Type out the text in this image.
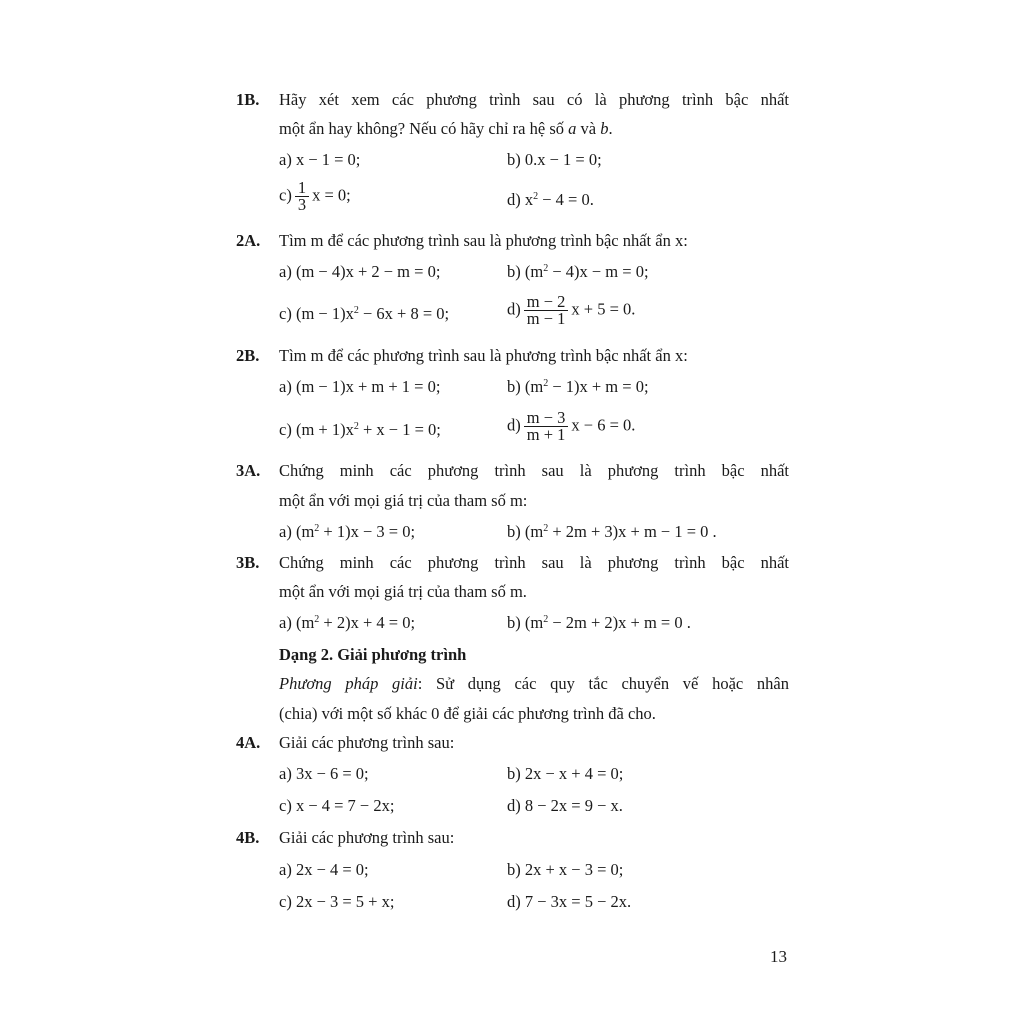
1B.	Hãy xét xem các phương trình sau có là phương trình bậc nhất
một ẩn hay không? Nếu có hãy chỉ ra hệ số a và b.
a) x − 1 = 0;	b) 0.x − 1 = 0;
$c) \frac{1}{3}$ x = 0;	d) $x^2 - 4 = 0$.
2A.	Tìm m để các phương trình sau là phương trình bậc nhất ẩn x:
a) (m − 4)x + 2 − m = 0;	b) $(m^2 - 4)x - m = 0$;
c) $(m - 1)x^2 - 6x + 8 = 0$;	$d) \frac{m - 2}{m - 1}$ x + 5 = 0.
2B.	Tìm m để các phương trình sau là phương trình bậc nhất ẩn x:
a) (m − 1)x + m + 1 = 0;	b) $(m^2 - 1)x + m = 0$;
c) $(m + 1)x^2 + x - 1 = 0$;	$d) \frac{m - 3}{m + 1}$ x − 6 = 0.
3A.	Chứng minh các phương trình sau là phương trình bậc nhất
một ẩn với mọi giá trị của tham số m:
a) $(m^2 + 1)x - 3 = 0$;	b) $(m^2 + 2m + 3)x + m - 1 = 0$ .
3B.	Chứng minh các phương trình sau là phương trình bậc nhất
một ẩn với mọi giá trị của tham số m.
a) $(m^2 + 2)x + 4 = 0$;	b) $(m^2 - 2m + 2)x + m = 0$ .
Dạng 2. Giải phương trình
Phương pháp giải: Sử dụng các quy tắc chuyển vế hoặc nhân
(chia) với một số khác 0 để giải các phương trình đã cho.
4A.	Giải các phương trình sau:
a) 3x − 6 = 0;	b) 2x − x + 4 = 0;
c) x − 4 = 7 − 2x;	d) 8 − 2x = 9 − x.
4B.	Giải các phương trình sau:
a) 2x − 4 = 0;	b) 2x + x − 3 = 0;
c) 2x − 3 = 5 + x;	d) 7 − 3x = 5 − 2x.
13
